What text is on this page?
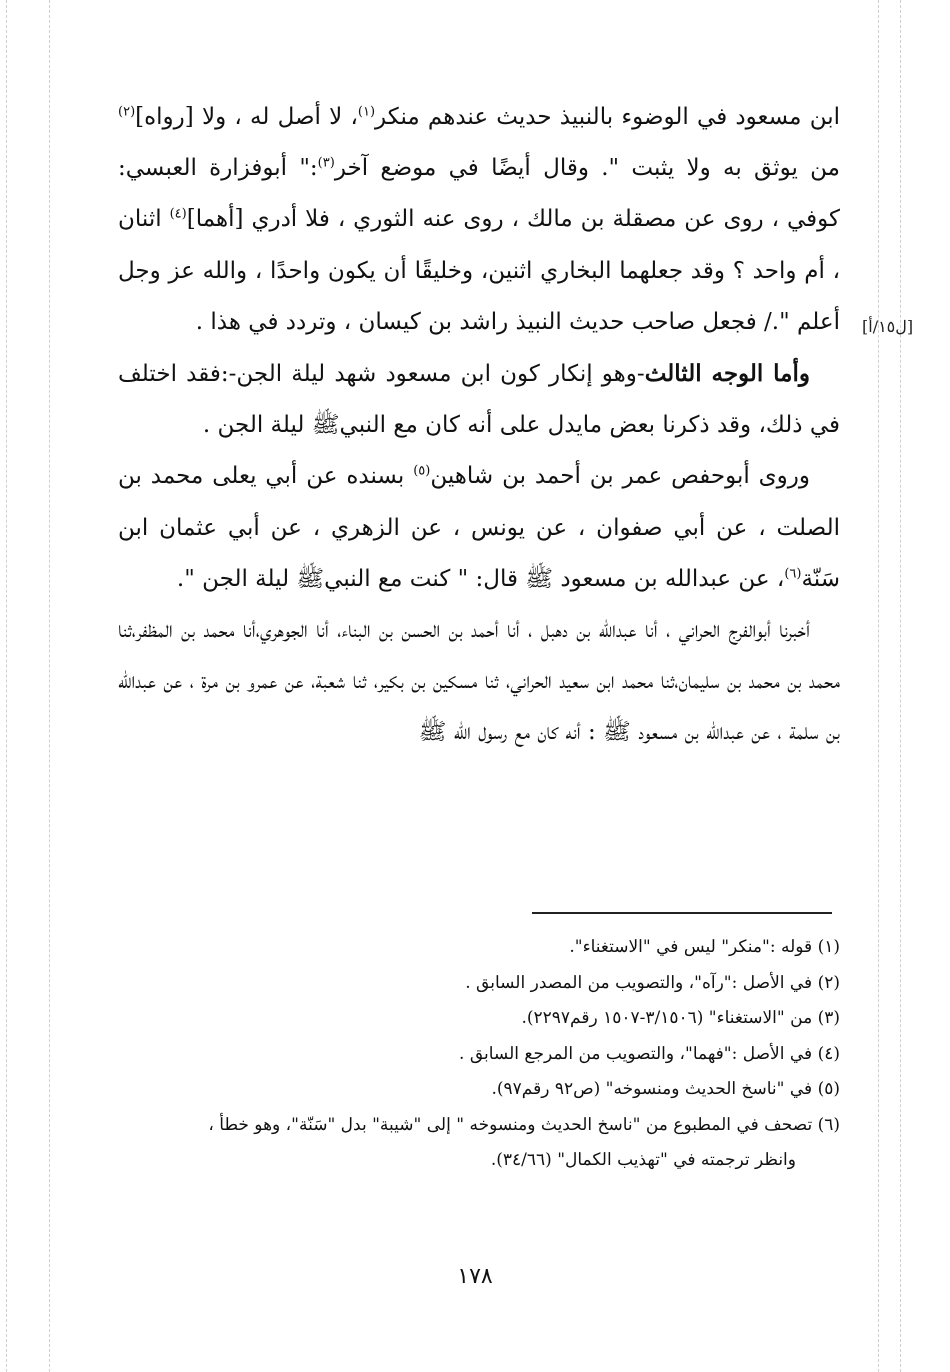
[ل١٥/أ]

ابن مسعود في الوضوء بالنبيذ حديث عندهم منكر$^{(١)}$، لا أصل له ، ولا [رواه]$^{(٢)}$ من يوثق به ولا يثبت ". وقال أيضًا في موضع آخر$^{(٣)}$:" أبوفزارة العبسي: كوفي ، روى عن مصقلة بن مالك ، روى عنه الثوري ، فلا أدري [أهما]$^{(٤)}$ اثنان ، أم واحد ؟ وقد جعلهما البخاري اثنين، وخليقًا أن يكون واحدًا ، والله عز وجل أعلم "./ فجعل صاحب حديث النبيذ راشد بن كيسان ، وتردد في هذا .

وأما الوجه الثالث-وهو إنكار كون ابن مسعود شهد ليلة الجن-:فقد اختلف في ذلك، وقد ذكرنا بعض مايدل على أنه كان مع النبيﷺ ليلة الجن .

وروى أبوحفص عمر بن أحمد بن شاهين$^{(٥)}$ بسنده عن أبي يعلى محمد بن الصلت ، عن أبي صفوان ، عن يونس ، عن الزهري ، عن أبي عثمان ابن سَنّة$^{(٦)}$، عن عبدالله بن مسعود ﷺ قال: " كنت مع النبيﷺ ليلة الجن ".

أخبرنا أبوالفرج الحراني ، أنا عبدالله بن دهبل ، أنا أحمد بن الحسن بن البناء، أنا الجوهري،أنا محمد بن المظفر،ثنا محمد بن محمد بن سليمان،ثنا محمد ابن سعيد الحراني، ثنا مسكين بن بكير، ثنا شعبة، عن عمرو بن مرة ، عن عبدالله بن سلمة ، عن عبدالله بن مسعود ﷺ : أنه كان مع رسول الله ﷺ

(١) قوله :"منكر" ليس في "الاستغناء".

(٢) في الأصل :"رآه"، والتصويب من المصدر السابق .

(٣) من "الاستغناء" (٣/١٥٠٦-١٥٠٧ رقم٢٢٩٧).

(٤) في الأصل :"فهما"، والتصويب من المرجع السابق .

(٥) في "ناسخ الحديث ومنسوخه" (ص٩٢ رقم٩٧).

(٦) تصحف في المطبوع من "ناسخ الحديث ومنسوخه " إلى "شيبة" بدل "سَنّة"، وهو خطأ ،

وانظر ترجمته في "تهذيب الكمال" (٣٤/٦٦).

١٧٨
